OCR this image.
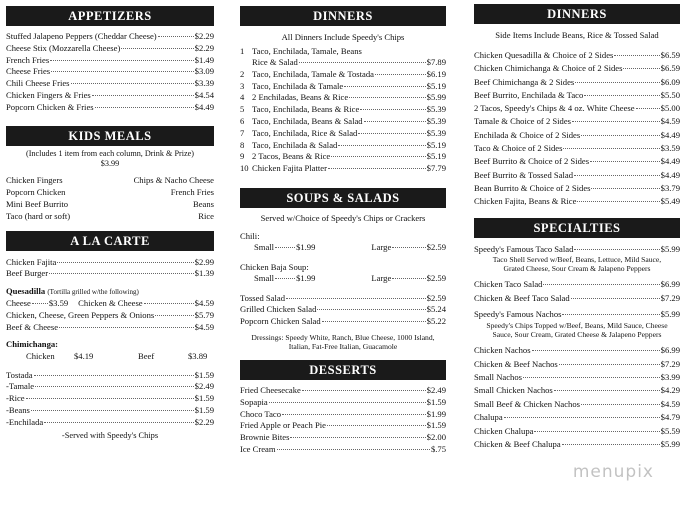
APPETIZERS
Stuffed Jalapeno Peppers (Cheddar Cheese)	$2.29
Cheese Stix (Mozzarella Cheese)	$2.29
French Fries	$1.49
Cheese Fries	$3.09
Chili Cheese Fries	$3.39
Chicken Fingers & Fries	$4.54
Popcorn Chicken & Fries	$4.49
KIDS MEALS
(Includes 1 item from each column, Drink & Prize)
$3.99
Chicken Fingers	Chips & Nacho Cheese
Popcorn Chicken	French Fries
Mini Beef Burrito	Beans
Taco (hard or soft)	Rice
A LA CARTE
Chicken Fajita	$2.99
Beef Burger	$1.39
Quesadilla (Tortilla grilled w/the following)
Cheese $3.59 Chicken & Cheese	$4.59
Chicken, Cheese, Green Peppers & Onions	$5.79
Beef & Cheese	$4.59
Chimichanga:
Chicken	$4.19	Beef	$3.89
Tostada	$1.59
-Tamale	$2.49
-Rice	$1.59
-Beans	$1.59
-Enchilada	$2.29
-Served with Speedy's Chips
DINNERS
All Dinners Include Speedy's Chips
1 Taco, Enchilada, Tamale, Beans
Rice & Salad	$7.89
2 Taco, Enchilada, Tamale & Tostada	$6.19
3 Taco, Enchilada & Tamale	$5.19
4 2 Enchiladas, Beans & Rice	$5.99
5 Taco, Enchilada, Beans & Rice	$5.39
6 Taco, Enchilada, Beans & Salad	$5.39
7 Taco, Enchilada, Rice & Salad	$5.39
8 Taco, Enchilada & Salad	$5.19
9 2 Tacos, Beans & Rice	$5.19
10 Chicken Fajita Platter	$7.79
SOUPS & SALADS
Served w/Choice of Speedy's Chips or Crackers
Chili:
Small	$1.99	Large	$2.59
Chicken Baja Soup:
Small	$1.99	Large	$2.59
Tossed Salad	$2.59
Grilled Chicken Salad	$5.24
Popcorn Chicken Salad	$5.22
Dressings: Speedy White, Ranch, Blue Cheese, 1000 Island, Italian, Fat-Free Italian, Guacamole
DESSERTS
Fried Cheesecake	$2.49
Sopapia	$1.59
Choco Taco	$1.99
Fried Apple or Peach Pie	$1.59
Brownie Bites	$2.00
Ice Cream	$.75
DINNERS
Side Items Include Beans, Rice & Tossed Salad
Chicken Quesadilla & Choice of 2 Sides	$6.59
Chicken Chimichanga & Choice of 2 Sides	$6.59
Beef Chimichanga & 2 Sides	$6.09
Beef Burrito, Enchilada & Taco	$5.50
2 Tacos, Speedy's Chips & 4 oz. White Cheese	$5.00
Tamale & Choice of 2 Sides	$4.59
Enchilada & Choice of 2 Sides	$4.49
Taco & Choice of 2 Sides	$3.59
Beef Burrito & Choice of 2 Sides	$4.49
Beef Burrito & Tossed Salad	$4.49
Bean Burrito & Choice of 2 Sides	$3.79
Chicken Fajita, Beans & Rice	$5.49
SPECIALTIES
Speedy's Famous Taco Salad	$5.99
Taco Shell Served w/Beef, Beans, Lettuce, Mild Sauce, Grated Cheese, Sour Cream & Jalapeno Peppers
Chicken Taco Salad	$6.99
Chicken & Beef Taco Salad	$7.29
Speedy's Famous Nachos	$5.99
Speedy's Chips Topped w/Beef, Beans, Mild Sauce, Cheese Sauce, Sour Cream, Grated Cheese & Jalapeno Peppers
Chicken Nachos	$6.99
Chicken & Beef Nachos	$7.29
Small Nachos	$3.99
Small Chicken Nachos	$4.29
Small Beef & Chicken Nachos	$4.59
Chalupa	$4.79
Chicken Chalupa	$5.59
Chicken & Beef Chalupa	$5.99
menupix
